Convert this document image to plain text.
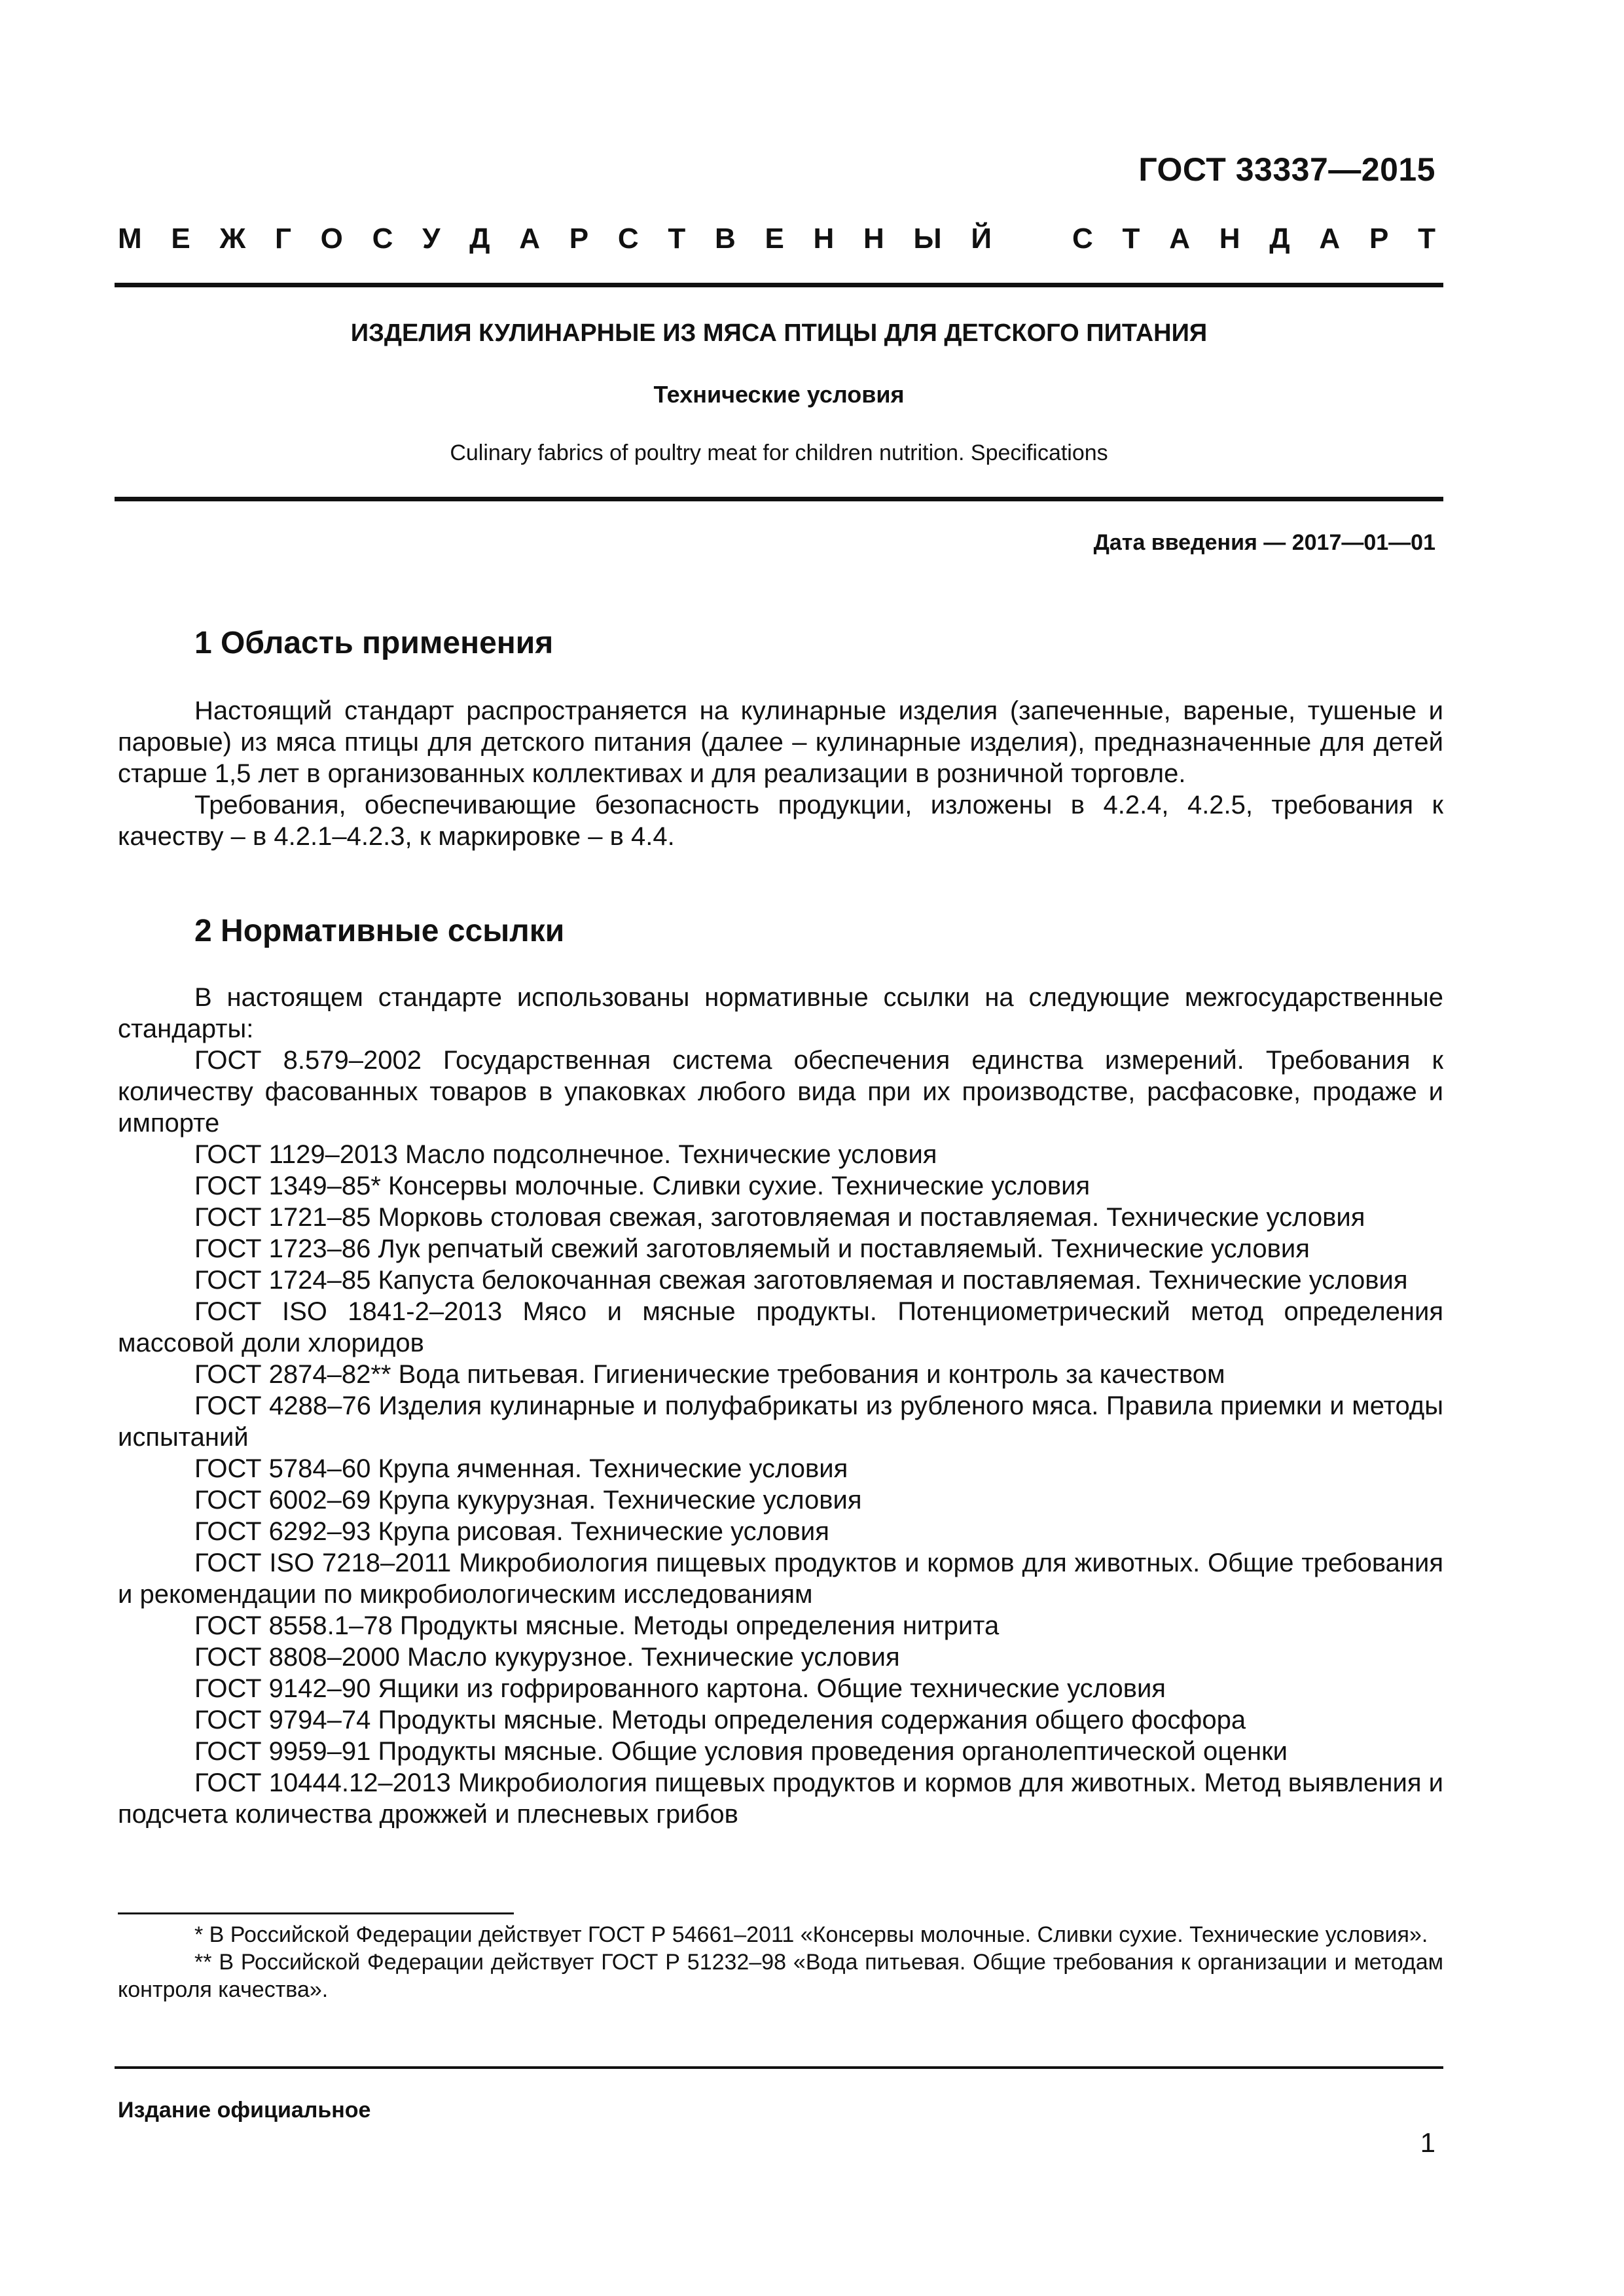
ГОСТ 33337—2015
М Е Ж Г О С У Д А Р С Т В Е Н Н Ы Й	С Т А Н Д А Р Т
ИЗДЕЛИЯ КУЛИНАРНЫЕ ИЗ МЯСА ПТИЦЫ ДЛЯ ДЕТСКОГО ПИТАНИЯ
Технические условия
Culinary fabrics of poultry meat for children nutrition. Specifications
Дата введения — 2017—01—01
1 Область применения

Настоящий стандарт распространяется на кулинарные изделия (запеченные, вареные, тушеные и паровые) из мяса птицы для детского питания (далее – кулинарные изделия), предназначенные для детей старше 1,5 лет в организованных коллективах и для реализации в розничной торговле.

Требования, обеспечивающие безопасность продукции, изложены в 4.2.4, 4.2.5, требования к качеству – в 4.2.1–4.2.3, к маркировке – в 4.4.

2 Нормативные ссылки

В настоящем стандарте использованы нормативные ссылки на следующие межгосударственные стандарты:

ГОСТ 8.579–2002 Государственная система обеспечения единства измерений. Требования к количеству фасованных товаров в упаковках любого вида при их производстве, расфасовке, продаже и импорте

ГОСТ 1129–2013 Масло подсолнечное. Технические условия

ГОСТ 1349–85* Консервы молочные. Сливки сухие. Технические условия

ГОСТ 1721–85 Морковь столовая свежая, заготовляемая и поставляемая. Технические условия

ГОСТ 1723–86 Лук репчатый свежий заготовляемый и поставляемый. Технические условия

ГОСТ 1724–85 Капуста белокочанная свежая заготовляемая и поставляемая. Технические условия

ГОСТ ISO 1841-2–2013 Мясо и мясные продукты. Потенциометрический метод определения массовой доли хлоридов

ГОСТ 2874–82** Вода питьевая. Гигиенические требования и контроль за качеством

ГОСТ 4288–76 Изделия кулинарные и полуфабрикаты из рубленого мяса. Правила приемки и методы испытаний

ГОСТ 5784–60 Крупа ячменная. Технические условия

ГОСТ 6002–69 Крупа кукурузная. Технические условия

ГОСТ 6292–93 Крупа рисовая. Технические условия

ГОСТ ISO 7218–2011 Микробиология пищевых продуктов и кормов для животных. Общие требования и рекомендации по микробиологическим исследованиям

ГОСТ 8558.1–78 Продукты мясные. Методы определения нитрита

ГОСТ 8808–2000 Масло кукурузное. Технические условия

ГОСТ 9142–90 Ящики из гофрированного картона. Общие технические условия

ГОСТ 9794–74 Продукты мясные. Методы определения содержания общего фосфора

ГОСТ 9959–91 Продукты мясные. Общие условия проведения органолептической оценки

ГОСТ 10444.12–2013 Микробиология пищевых продуктов и кормов для животных. Метод выявления и подсчета количества дрожжей и плесневых грибов

* В Российской Федерации действует ГОСТ Р 54661–2011 «Консервы молочные. Сливки сухие. Технические условия».

** В Российской Федерации действует ГОСТ Р 51232–98 «Вода питьевая. Общие требования к организации и методам контроля качества».

Издание официальное
1
